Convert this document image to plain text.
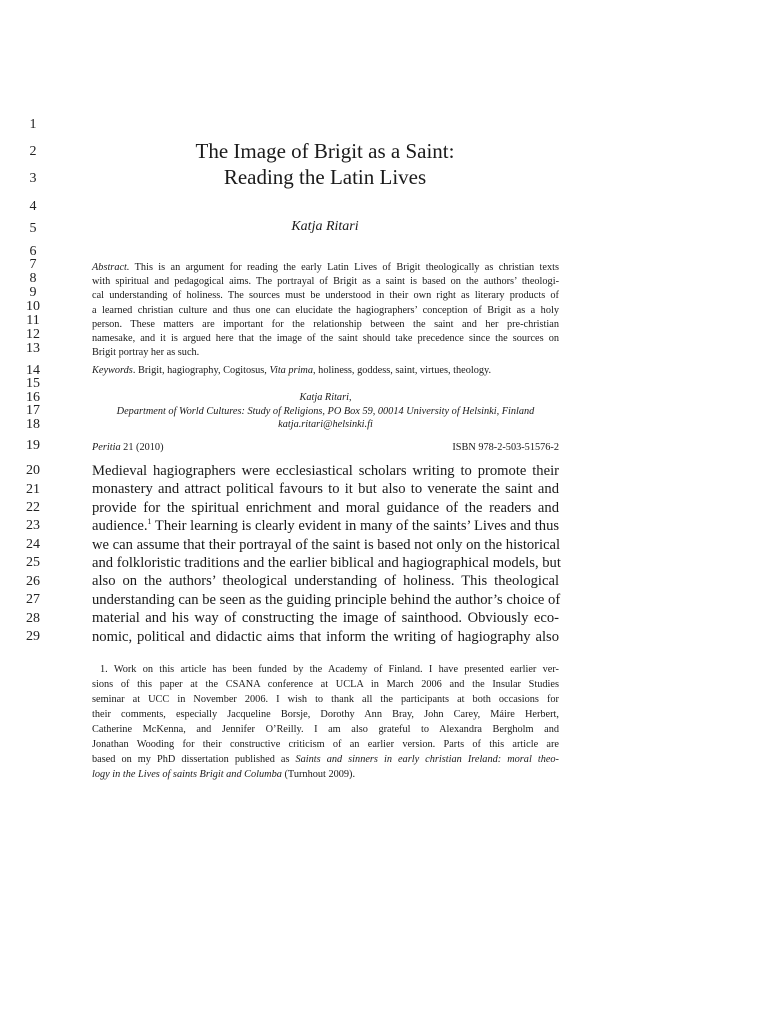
1
2
3
4
5
6
7
8
9
10
11
12
13
14
15
16
17
18
19
20
21
22
23
24
25
26
27
28
29
The Image of Brigit as a Saint:
Reading the Latin Lives
Katja Ritari
Abstract. This is an argument for reading the early Latin Lives of Brigit theologically as christian texts
with spiritual and pedagogical aims. The portrayal of Brigit as a saint is based on the authors’ theologi-
cal understanding of holiness. The sources must be understood in their own right as literary products of
a learned christian culture and thus one can elucidate the hagiographers’ conception of Brigit as a holy
person. These matters are important for the relationship between the saint and her pre-christian
namesake, and it is argued here that the image of the saint should take precedence since the sources on
Brigit portray her as such.
Keywords. Brigit, hagiography, Cogitosus, Vita prima, holiness, goddess, saint, virtues, theology.
Katja Ritari,
Department of World Cultures: Study of Religions, PO Box 59, 00014 University of Helsinki, Finland
katja.ritari@helsinki.fi
Peritia 21 (2010)	ISBN 978-2-503-51576-2
Medieval hagiographers were ecclesiastical scholars writing to promote their
monastery and attract political favours to it but also to venerate the saint and
provide for the spiritual enrichment and moral guidance of the readers and
audience.$^1$ Their learning is clearly evident in many of the saints’ Lives and thus
we can assume that their portrayal of the saint is based not only on the historical
and folkloristic traditions and the earlier biblical and hagiographical models, but
also on the authors’ theological understanding of holiness. This theological
understanding can be seen as the guiding principle behind the author’s choice of
material and his way of constructing the image of sainthood. Obviously eco-
nomic, political and didactic aims that inform the writing of hagiography also
1. Work on this article has been funded by the Academy of Finland. I have presented earlier ver-
sions of this paper at the CSANA conference at UCLA in March 2006 and the Insular Studies
seminar at UCC in November 2006. I wish to thank all the participants at both occasions for
their comments, especially Jacqueline Borsje, Dorothy Ann Bray, John Carey, Máire Herbert,
Catherine McKenna, and Jennifer O’Reilly. I am also grateful to Alexandra Bergholm and
Jonathan Wooding for their constructive criticism of an earlier version. Parts of this article are
based on my PhD dissertation published as Saints and sinners in early christian Ireland: moral theo-
logy in the Lives of saints Brigit and Columba (Turnhout 2009).
